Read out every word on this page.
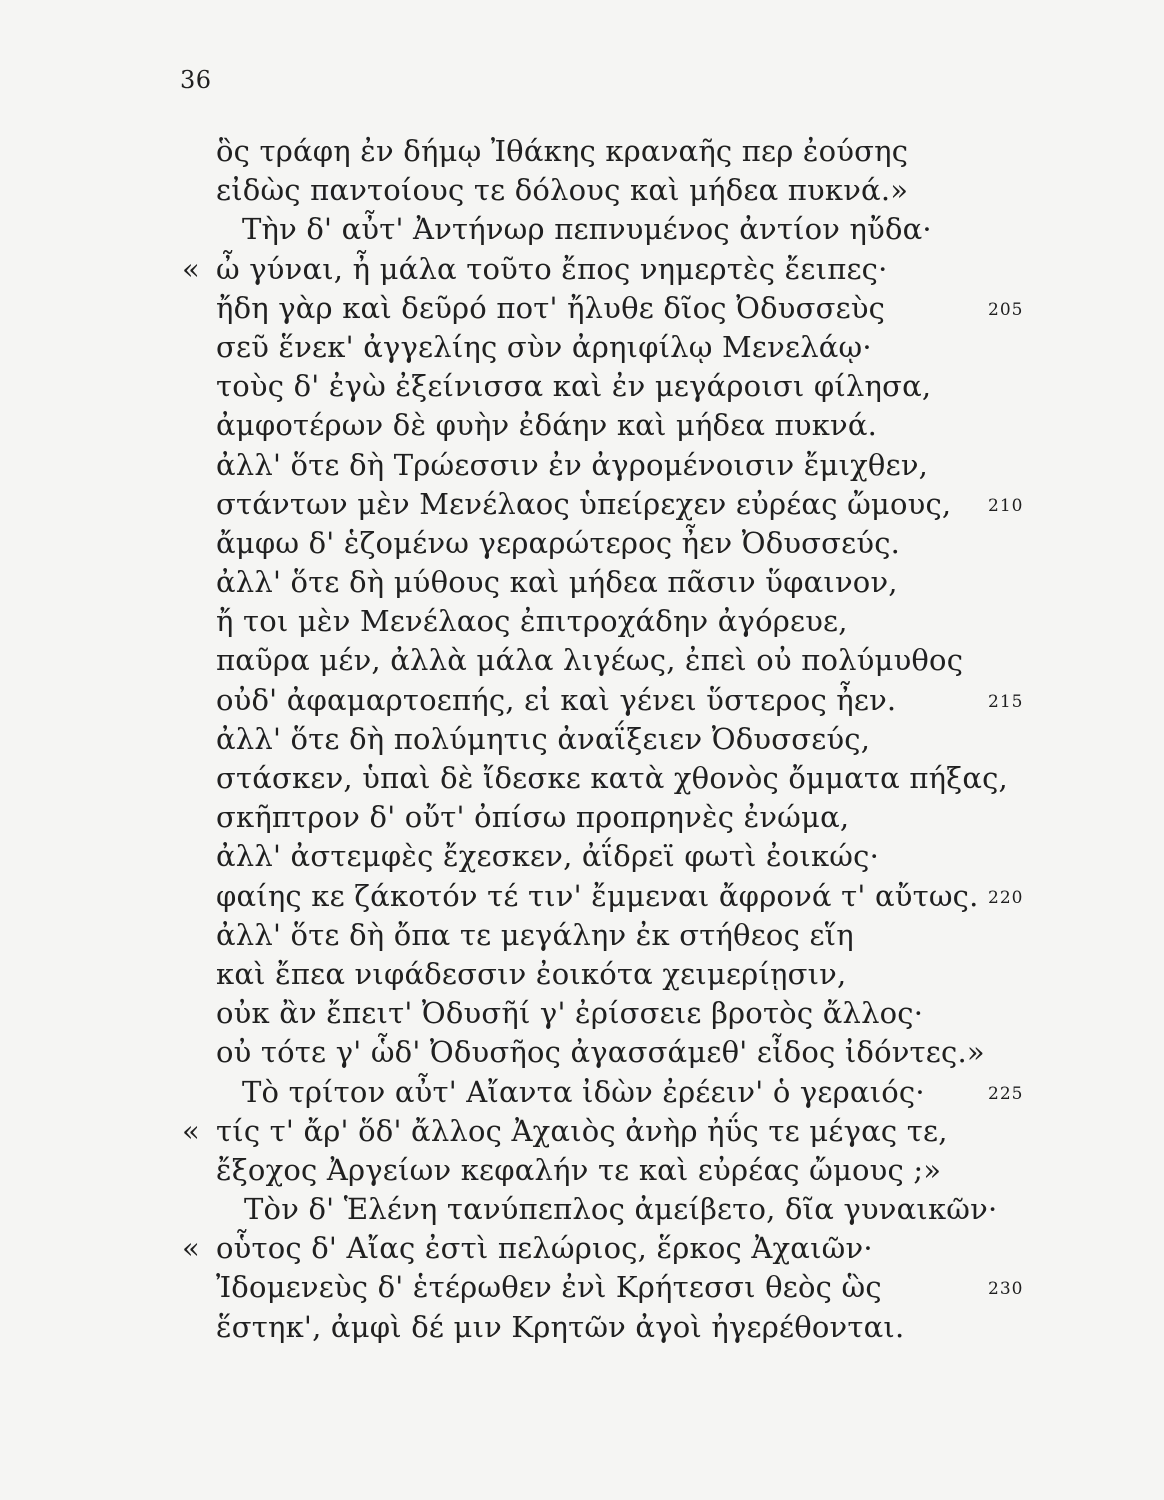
36
ὃς τράφη ἐν δήμῳ Ἰθάκης κραναῆς περ ἐούσης
εἰδὼς παντοίους τε δόλους καὶ μήδεα πυκνά.»
Τὴν δ' αὖτ' Ἀντήνωρ πεπνυμένος ἀντίον ηὔδα·
« ὦ γύναι, ἦ μάλα τοῦτο ἔπος νημερτὲς ἔειπες·
ἤδη γὰρ καὶ δεῦρό ποτ' ἤλυθε δῖος Ὀδυσσεὺς	205
σεῦ ἕνεκ' ἀγγελίης σὺν ἀρηιφίλῳ Μενελάῳ·
τοὺς δ' ἐγὼ ἐξείνισσα καὶ ἐν μεγάροισι φίλησα,
ἀμφοτέρων δὲ φυὴν ἐδάην καὶ μήδεα πυκνά.
ἀλλ' ὅτε δὴ Τρώεσσιν ἐν ἀγρομένοισιν ἔμιχθεν,
στάντων μὲν Μενέλαος ὑπείρεχεν εὐρέας ὤμους, 210
ἄμφω δ' ἑζομένω γεραρώτερος ἦεν Ὀδυσσεύς.
ἀλλ' ὅτε δὴ μύθους καὶ μήδεα πᾶσιν ὕφαινον,
ἤ τοι μὲν Μενέλαος ἐπιτροχάδην ἀγόρευε,
παῦρα μέν, ἀλλὰ μάλα λιγέως, ἐπεὶ οὐ πολύμυθος
οὐδ' ἀφαμαρτοεπής, εἰ καὶ γένει ὕστερος ἦεν.	215
ἀλλ' ὅτε δὴ πολύμητις ἀναΐξειεν Ὀδυσσεύς,
στάσκεν, ὑπαὶ δὲ ἴδεσκε κατὰ χθονὸς ὄμματα πήξας,
σκῆπτρον δ' οὔτ' ὀπίσω προπρηνὲς ἐνώμα,
ἀλλ' ἀστεμφὲς ἔχεσκεν, ἀΐδρεϊ φωτὶ ἐοικώς·
φαίης κε ζάκοτόν τέ τιν' ἔμμεναι ἄφρονά τ' αὔτως. 220
ἀλλ' ὅτε δὴ ὄπα τε μεγάλην ἐκ στήθεος εἵη
καὶ ἔπεα νιφάδεσσιν ἐοικότα χειμερίῃσιν,
οὐκ ἂν ἔπειτ' Ὀδυσῆί γ' ἐρίσσειε βροτὸς ἄλλος·
οὐ τότε γ' ὧδ' Ὀδυσῆος ἀγασσάμεθ' εἶδος ἰδόντες.»
Τὸ τρίτον αὖτ' Αἴαντα ἰδὼν ἐρέειν' ὁ γεραιός·	225
« τίς τ' ἄρ' ὅδ' ἄλλος Ἀχαιὸς ἀνὴρ ἠΰς τε μέγας τε,
ἔξοχος Ἀργείων κεφαλήν τε καὶ εὐρέας ὤμους ;»
Τὸν δ' Ἑλένη τανύπεπλος ἀμείβετο, δῖα γυναικῶν·
« οὗτος δ' Αἴας ἐστὶ πελώριος, ἕρκος Ἀχαιῶν·
Ἰδομενεὺς δ' ἑτέρωθεν ἐνὶ Κρήτεσσι θεὸς ὣς	230
ἕστηκ', ἀμφὶ δέ μιν Κρητῶν ἀγοὶ ἠγερέθονται.
